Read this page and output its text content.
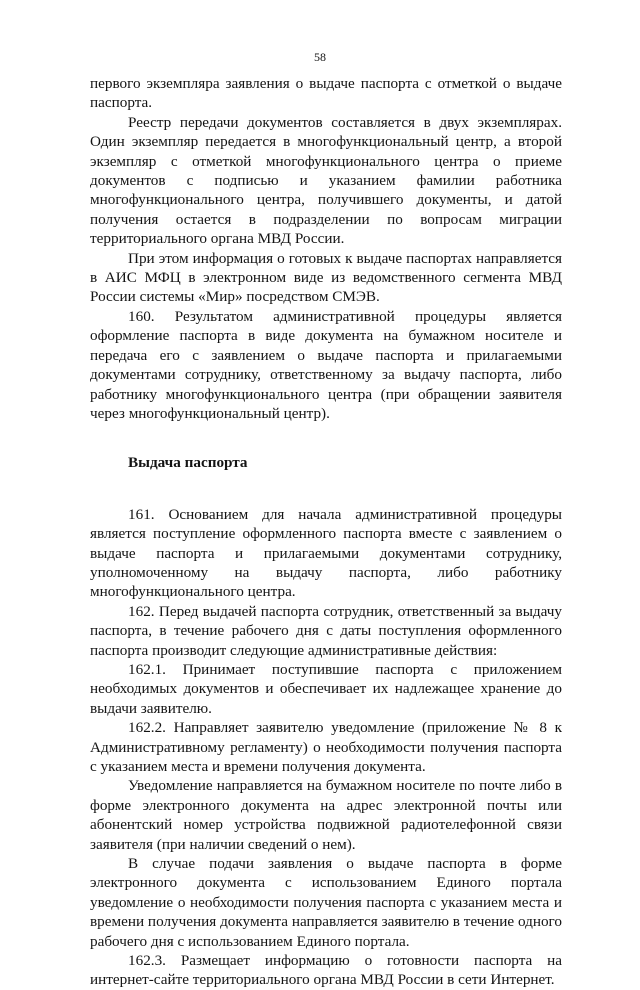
58

первого экземпляра заявления о выдаче паспорта с отметкой о выдаче паспорта.

Реестр передачи документов составляется в двух экземплярах. Один экземпляр передается в многофункциональный центр, а второй экземпляр с отметкой многофункционального центра о приеме документов с подписью и указанием фамилии работника многофункционального центра, получившего документы, и датой получения остается в подразделении по вопросам миграции территориального органа МВД России.

При этом информация о готовых к выдаче паспортах направляется в АИС МФЦ в электронном виде из ведомственного сегмента МВД России системы «Мир» посредством СМЭВ.

160. Результатом административной процедуры является оформление паспорта в виде документа на бумажном носителе и передача его с заявлением о выдаче паспорта и прилагаемыми документами сотруднику, ответственному за выдачу паспорта, либо работнику многофункционального центра (при обращении заявителя через многофункциональный центр).

Выдача паспорта

161. Основанием для начала административной процедуры является поступление оформленного паспорта вместе с заявлением о выдаче паспорта и прилагаемыми документами сотруднику, уполномоченному на выдачу паспорта, либо работнику многофункционального центра.

162. Перед выдачей паспорта сотрудник, ответственный за выдачу паспорта, в течение рабочего дня с даты поступления оформленного паспорта производит следующие административные действия:

162.1. Принимает поступившие паспорта с приложением необходимых документов и обеспечивает их надлежащее хранение до выдачи заявителю.

162.2. Направляет заявителю уведомление (приложение № 8 к Административному регламенту) о необходимости получения паспорта с указанием места и времени получения документа.

Уведомление направляется на бумажном носителе по почте либо в форме электронного документа на адрес электронной почты или абонентский номер устройства подвижной радиотелефонной связи заявителя (при наличии сведений о нем).

В случае подачи заявления о выдаче паспорта в форме электронного документа с использованием Единого портала уведомление о необходимости получения паспорта с указанием места и времени получения документа направляется заявителю в течение одного рабочего дня с использованием Единого портала.

162.3. Размещает информацию о готовности паспорта на интернет-сайте территориального органа МВД России в сети Интернет.
